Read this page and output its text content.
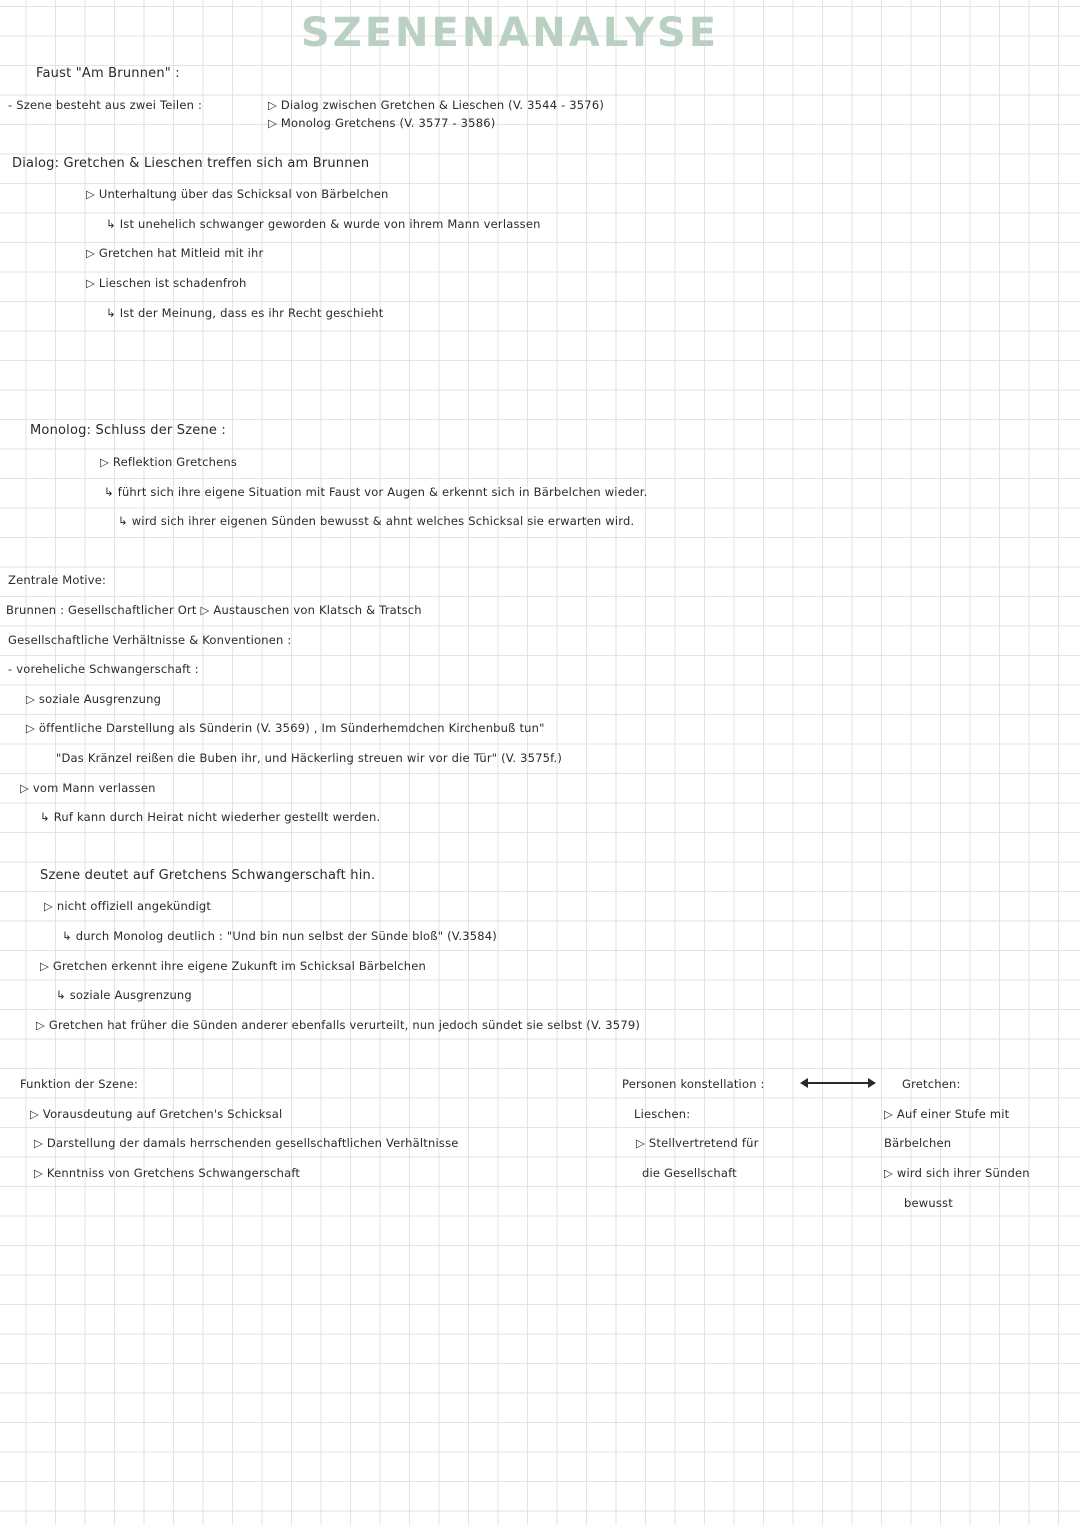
SZENENANALYSE
Faust "Am Brunnen" :
- Szene besteht aus zwei Teilen :	▷ Dialog zwischen Gretchen & Lieschen (V. 3544 - 3576)
▷ Monolog Gretchens (V. 3577 - 3586)
Dialog: Gretchen & Lieschen treffen sich am Brunnen
▷ Unterhaltung über das Schicksal von Bärbelchen
↳ Ist unehelich schwanger geworden & wurde von ihrem Mann verlassen
▷ Gretchen hat Mitleid mit ihr
▷ Lieschen ist schadenfroh
↳ Ist der Meinung, dass es ihr Recht geschieht
Monolog: Schluss der Szene :
▷ Reflektion Gretchens
↳ führt sich ihre eigene Situation mit Faust vor Augen & erkennt sich in Bärbelchen wieder.
↳ wird sich ihrer eigenen Sünden bewusst & ahnt welches Schicksal sie erwarten wird.
Zentrale Motive:
Brunnen : Gesellschaftlicher Ort ▷ Austauschen von Klatsch & Tratsch
Gesellschaftliche Verhältnisse & Konventionen :
- voreheliche Schwangerschaft :
▷ soziale Ausgrenzung
▷ öffentliche Darstellung als Sünderin (V. 3569) , Im Sünderhemdchen Kirchenbuß tun"
"Das Kränzel reißen die Buben ihr, und Häckerling streuen wir vor die Tür" (V. 3575f.)
▷ vom Mann verlassen
↳ Ruf kann durch Heirat nicht wiederher gestellt werden.
Szene deutet auf Gretchens Schwangerschaft hin.
▷ nicht offiziell angekündigt
↳ durch Monolog deutlich : "Und bin nun selbst der Sünde bloß" (V.3584)
▷ Gretchen erkennt ihre eigene Zukunft im Schicksal Bärbelchen
↳ soziale Ausgrenzung
▷ Gretchen hat früher die Sünden anderer ebenfalls verurteilt, nun jedoch sündet sie selbst (V. 3579)
Funktion der Szene:
▷ Vorausdeutung auf Gretchen's Schicksal
▷ Darstellung der damals herrschenden gesellschaftlichen Verhältnisse
▷ Kenntniss von Gretchens Schwangerschaft
Personen konstellation :
Lieschen:
▷ Stellvertretend für
die Gesellschaft
Gretchen:
▷ Auf einer Stufe mit
Bärbelchen
▷ wird sich ihrer Sünden
bewusst
